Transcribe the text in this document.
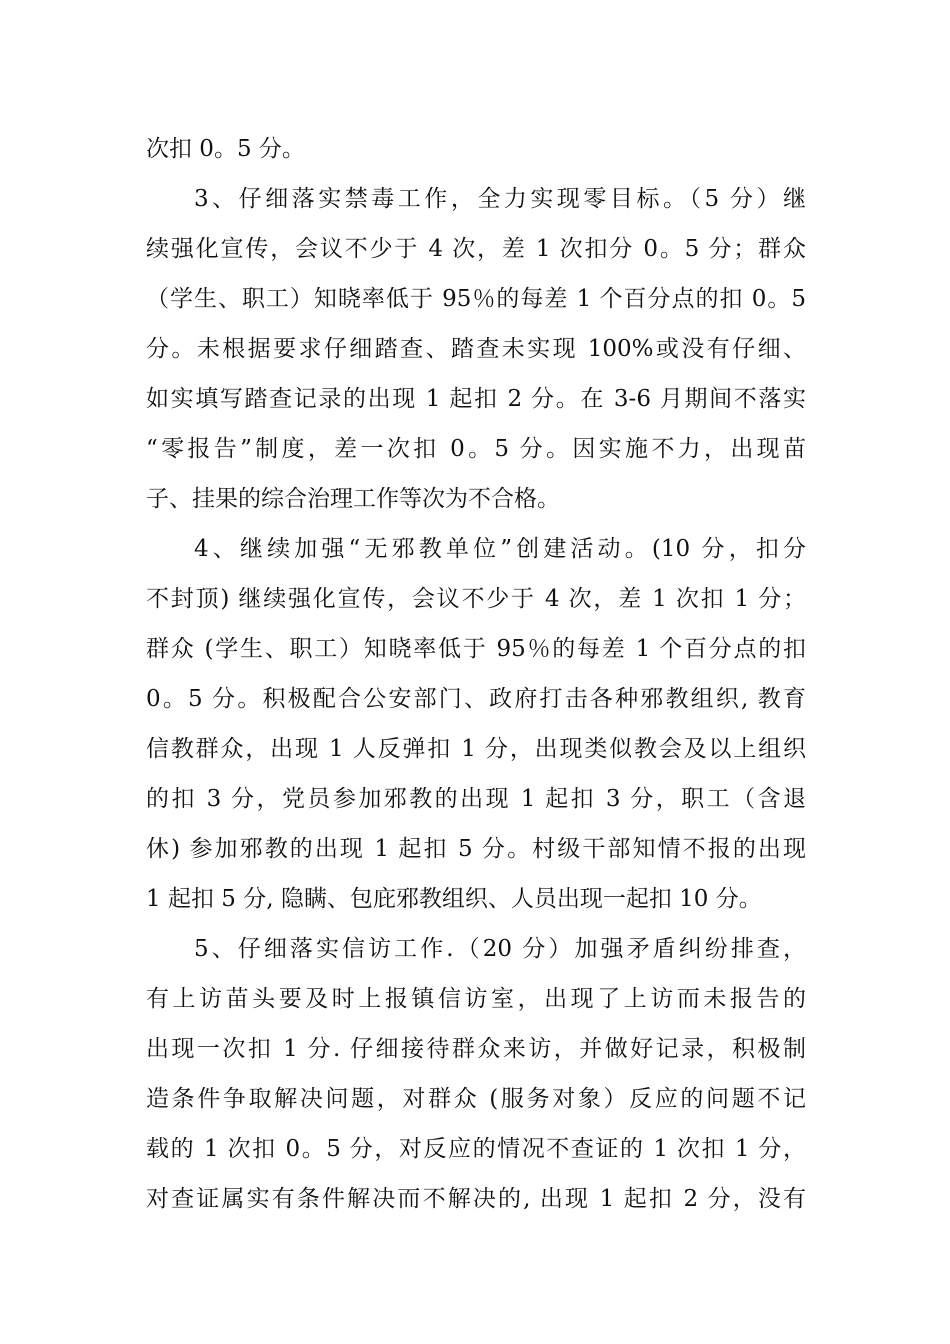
次扣 0。5 分。
3、仔细落实禁毒工作，全力实现零目标。（5 分）继
续强化宣传，会议不少于 4 次，差 1 次扣分 0。5 分；群众
（学生、职工）知晓率低于 95％的每差 1 个百分点的扣 0。5
分。未根据要求仔细踏查、踏查未实现 100%或没有仔细、
如实填写踏查记录的出现 1 起扣 2 分。在 3-6 月期间不落实
“零报告”制度，差一次扣 0。5 分。因实施不力，出现苗
子、挂果的综合治理工作等次为不合格。
4、继续加强“无邪教单位”创建活动。(10 分，扣分
不封顶) 继续强化宣传，会议不少于 4 次，差 1 次扣 1 分；
群众 (学生、职工）知晓率低于 95％的每差 1 个百分点的扣
0。5 分。积极配合公安部门、政府打击各种邪教组织, 教育
信教群众，出现 1 人反弹扣 1 分，出现类似教会及以上组织
的扣 3 分，党员参加邪教的出现 1 起扣 3 分，职工（含退
休) 参加邪教的出现 1 起扣 5 分。村级干部知情不报的出现
1 起扣 5 分, 隐瞒、包庇邪教组织、人员出现一起扣 10 分。
5、仔细落实信访工作.（20 分）加强矛盾纠纷排查，
有上访苗头要及时上报镇信访室，出现了上访而未报告的
出现一次扣 1 分. 仔细接待群众来访，并做好记录，积极制
造条件争取解决问题，对群众 (服务对象）反应的问题不记
载的 1 次扣 0。5 分，对反应的情况不查证的 1 次扣 1 分，
对查证属实有条件解决而不解决的, 出现 1 起扣 2 分，没有
